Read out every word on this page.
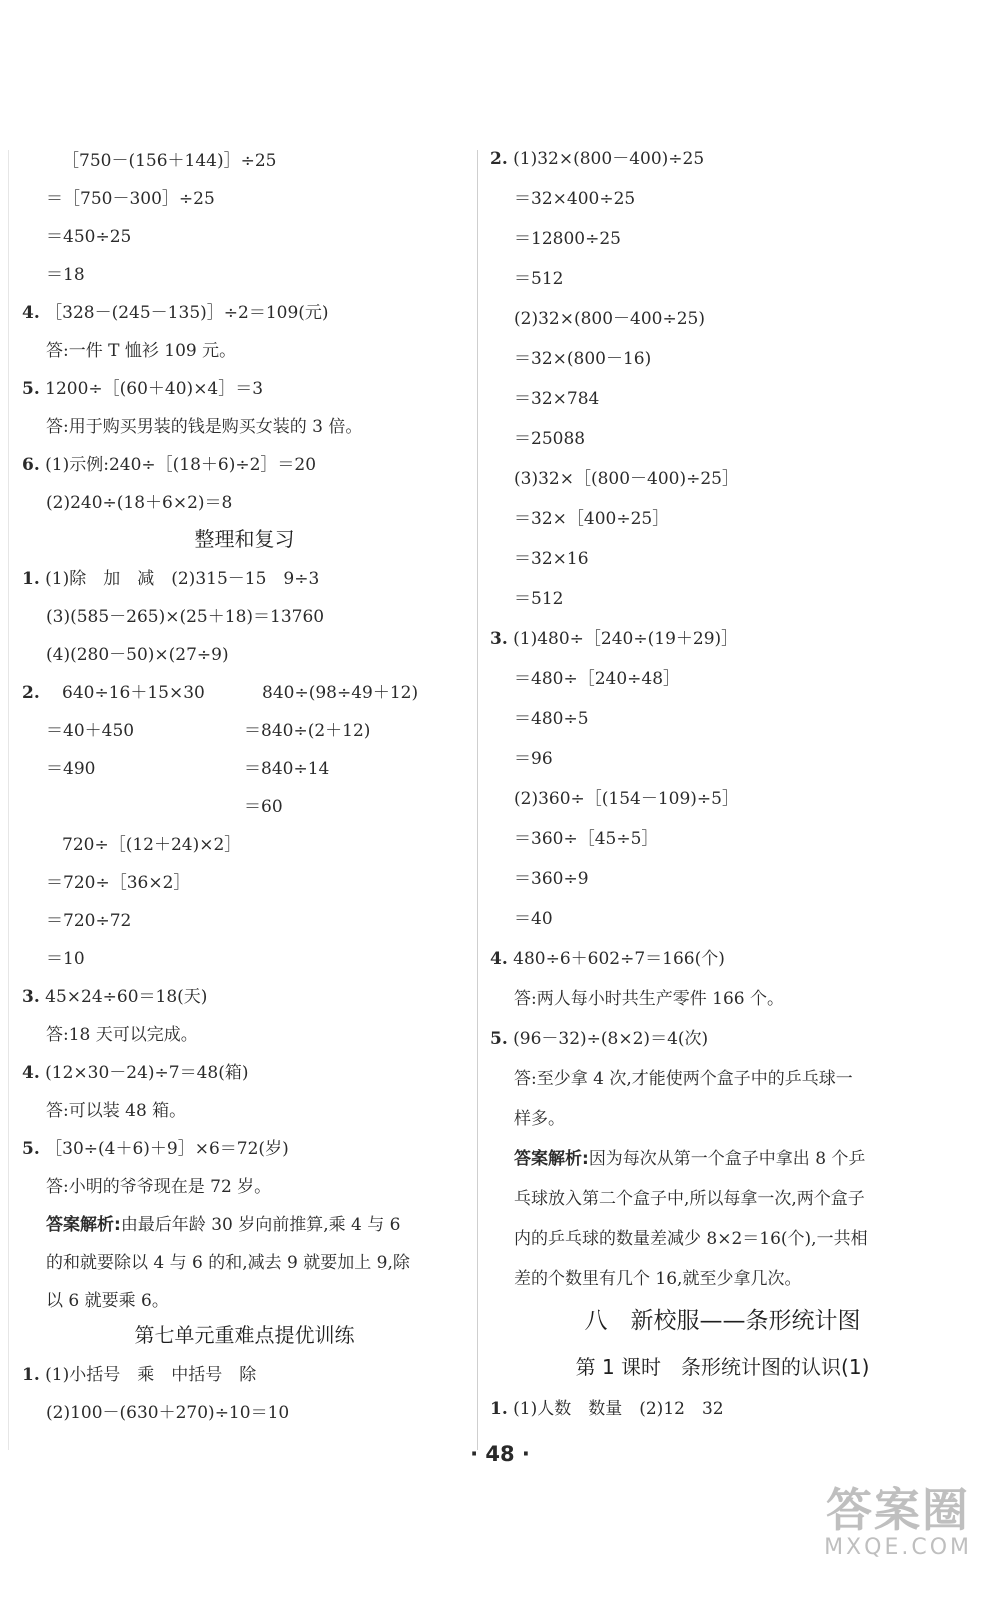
［750－(156＋144)］÷25
＝［750－300］÷25
＝450÷25
＝18
4. ［328－(245－135)］÷2＝109(元)
答:一件 T 恤衫 109 元。
5. 1200÷［(60＋40)×4］＝3
答:用于购买男装的钱是购买女装的 3 倍。
6. (1)示例:240÷［(18＋6)÷2］＝20
(2)240÷(18＋6×2)＝8
整理和复习
1. (1)除　加　减　(2)315－15　9÷3
(3)(585－265)×(25＋18)＝13760
(4)(280－50)×(27÷9)
2. 640÷16＋15×30
＝40＋450
＝490
840÷(98÷49＋12)
＝840÷(2＋12)
＝840÷14
＝60
720÷［(12＋24)×2］
＝720÷［36×2］
＝720÷72
＝10
3. 45×24÷60＝18(天)
答:18 天可以完成。
4. (12×30－24)÷7＝48(箱)
答:可以装 48 箱。
5. ［30÷(4＋6)＋9］×6＝72(岁)
答:小明的爷爷现在是 72 岁。
答案解析:由最后年龄 30 岁向前推算,乘 4 与 6
的和就要除以 4 与 6 的和,减去 9 就要加上 9,除
以 6 就要乘 6。
第七单元重难点提优训练
1. (1)小括号　乘　中括号　除
(2)100－(630＋270)÷10＝10
2. (1)32×(800－400)÷25
＝32×400÷25
＝12800÷25
＝512
(2)32×(800－400÷25)
＝32×(800－16)
＝32×784
＝25088
(3)32×［(800－400)÷25］
＝32×［400÷25］
＝32×16
＝512
3. (1)480÷［240÷(19＋29)］
＝480÷［240÷48］
＝480÷5
＝96
(2)360÷［(154－109)÷5］
＝360÷［45÷5］
＝360÷9
＝40
4. 480÷6＋602÷7＝166(个)
答:两人每小时共生产零件 166 个。
5. (96－32)÷(8×2)＝4(次)
答:至少拿 4 次,才能使两个盒子中的乒乓球一
样多。
答案解析:因为每次从第一个盒子中拿出 8 个乒
乓球放入第二个盒子中,所以每拿一次,两个盒子
内的乒乓球的数量差减少 8×2＝16(个),一共相
差的个数里有几个 16,就至少拿几次。
八　新校服——条形统计图
第 1 课时　条形统计图的认识(1)
1. (1)人数　数量　(2)12　32
· 48 ·
答案圈
MXQE.COM
